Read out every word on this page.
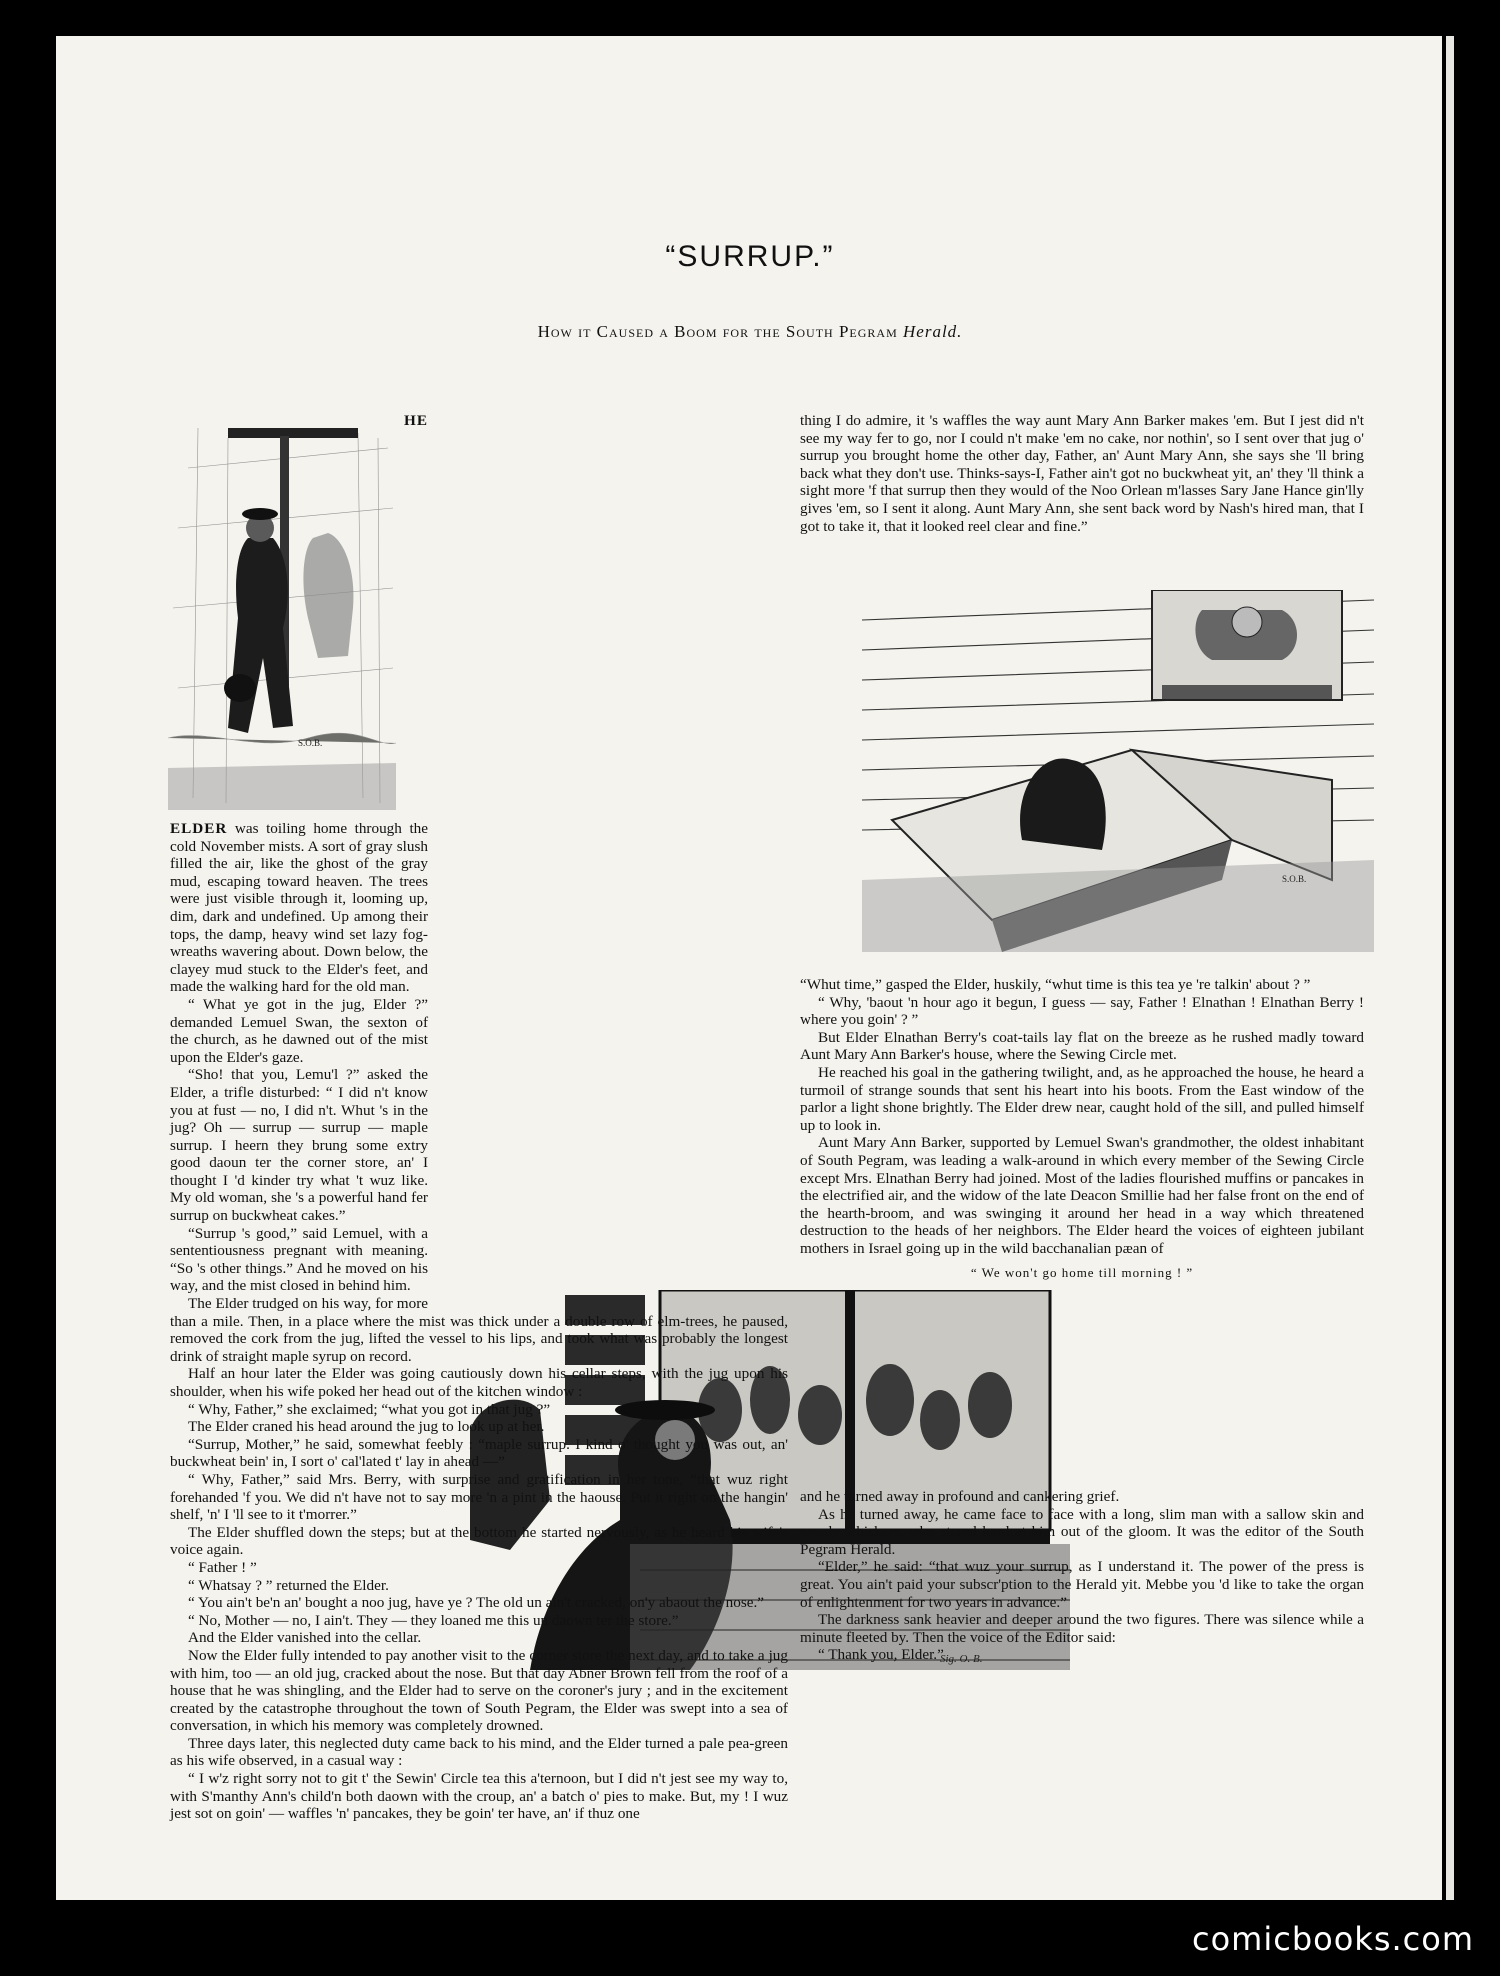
“SURRUP.”
How it Caused a Boom for the South Pegram Herald.
S.O.B.
S.O.B.
Sig. O. B.

HE ELDER was toiling home through the cold November mists. A sort of gray slush filled the air, like the ghost of the gray mud, escaping toward heaven. The trees were just visible through it, looming up, dim, dark and undefined. Up among their tops, the damp, heavy wind set lazy fog-wreaths wavering about. Down below, the clayey mud stuck to the Elder's feet, and made the walking hard for the old man.

“ What ye got in the jug, Elder ?” demanded Lemuel Swan, the sexton of the church, as he dawned out of the mist upon the Elder's gaze.

“Sho! that you, Lemu'l ?” asked the Elder, a trifle disturbed: “ I did n't know you at fust — no, I did n't. Whut 's in the jug? Oh — surrup — surrup — maple surrup. I heern they brung some extry good daoun ter the corner store, an' I thought I 'd kinder try what 't wuz like. My old woman, she 's a powerful hand fer surrup on buckwheat cakes.”

“Surrup 's good,” said Lemuel, with a sententiousness pregnant with meaning. “So 's other things.” And he moved on his way, and the mist closed in behind him.

The Elder trudged on his way, for more than a mile. Then, in a place where the mist was thick under a double row of elm-trees, he paused, removed the cork from the jug, lifted the vessel to his lips, and took what was probably the longest drink of straight maple syrup on record.

Half an hour later the Elder was going cautiously down his cellar steps, with the jug upon his shoulder, when his wife poked her head out of the kitchen window :

“ Why, Father,” she exclaimed; “what you got in that jug ?”

The Elder craned his head around the jug to look up at her.

“Surrup, Mother,” he said, somewhat feebly : “maple surrup. I kind o' thought you was out, an' buckwheat bein' in, I sort o' cal'lated t' lay in ahead —”

“ Why, Father,” said Mrs. Berry, with surprise and gratification in her tone, “that wuz right forehanded 'f you. We did n't have not to say more 'n a pint in the haouse. Put it right on the hangin' shelf, 'n' I 'll see to it t'morrer.”

The Elder shuffled down the steps; but at the bottom he started nervously, as he heard his wife's voice again.

“ Father ! ”

“ Whatsay ? ” returned the Elder.

“ You ain't be'n an' bought a noo jug, have ye ? The old un ain't cracked, on'y abaout the nose.”

“ No, Mother — no, I ain't. They — they loaned me this un daown ter the store.”

And the Elder vanished into the cellar.

Now the Elder fully intended to pay another visit to the corner store the next day, and to take a jug with him, too — an old jug, cracked about the nose. But that day Abner Brown fell from the roof of a house that he was shingling, and the Elder had to serve on the coroner's jury ; and in the excitement created by the catastrophe throughout the town of South Pegram, the Elder was swept into a sea of conversation, in which his memory was completely drowned.

Three days later, this neglected duty came back to his mind, and the Elder turned a pale pea-green as his wife observed, in a casual way :

“ I w'z right sorry not to git t' the Sewin' Circle tea this a'ternoon, but I did n't jest see my way to, with S'manthy Ann's child'n both daown with the croup, an' a batch o' pies to make. But, my ! I wuz jest sot on goin' — waffles 'n' pancakes, they be goin' ter have, an' if thuz one

thing I do admire, it 's waffles the way aunt Mary Ann Barker makes 'em. But I jest did n't see my way fer to go, nor I could n't make 'em no cake, nor nothin', so I sent over that jug o' surrup you brought home the other day, Father, an' Aunt Mary Ann, she says she 'll bring back what they don't use. Thinks-says-I, Father ain't got no buckwheat yit, an' they 'll think a sight more 'f that surrup then they would of the Noo Orlean m'lasses Sary Jane Hance gin'lly gives 'em, so I sent it along. Aunt Mary Ann, she sent back word by Nash's hired man, that I got to take it, that it looked reel clear and fine.”

“Whut time,” gasped the Elder, huskily, “whut time is this tea ye 're talkin' about ? ”

“ Why, 'baout 'n hour ago it begun, I guess — say, Father ! Elnathan ! Elnathan Berry ! where you goin' ? ”

But Elder Elnathan Berry's coat-tails lay flat on the breeze as he rushed madly toward Aunt Mary Ann Barker's house, where the Sewing Circle met.

He reached his goal in the gathering twilight, and, as he approached the house, he heard a turmoil of strange sounds that sent his heart into his boots. From the East window of the parlor a light shone brightly. The Elder drew near, caught hold of the sill, and pulled himself up to look in.

Aunt Mary Ann Barker, supported by Lemuel Swan's grandmother, the oldest inhabitant of South Pegram, was leading a walk-around in which every member of the Sewing Circle except Mrs. Elnathan Berry had joined. Most of the ladies flourished muffins or pancakes in the electrified air, and the widow of the late Deacon Smillie had her false front on the end of the hearth-broom, and was swinging it around her head in a way which threatened destruction to the heads of her neighbors. The Elder heard the voices of eighteen jubilant mothers in Israel going up in the wild bacchanalian pæan of

“ We won't go home till morning ! ”

and he turned away in profound and cankering grief.

As he turned away, he came face to face with a long, slim man with a sallow skin and weedy whiskers, who stared hard at him out of the gloom. It was the editor of the South Pegram Herald.

“Elder,” he said: “that wuz your surrup, as I understand it. The power of the press is great. You ain't paid your subscr'ption to the Herald yit. Mebbe you 'd like to take the organ of enlightenment for two years in advance.”

The darkness sank heavier and deeper around the two figures. There was silence while a minute fleeted by. Then the voice of the Editor said:

“ Thank you, Elder.”

comicbooks.com
